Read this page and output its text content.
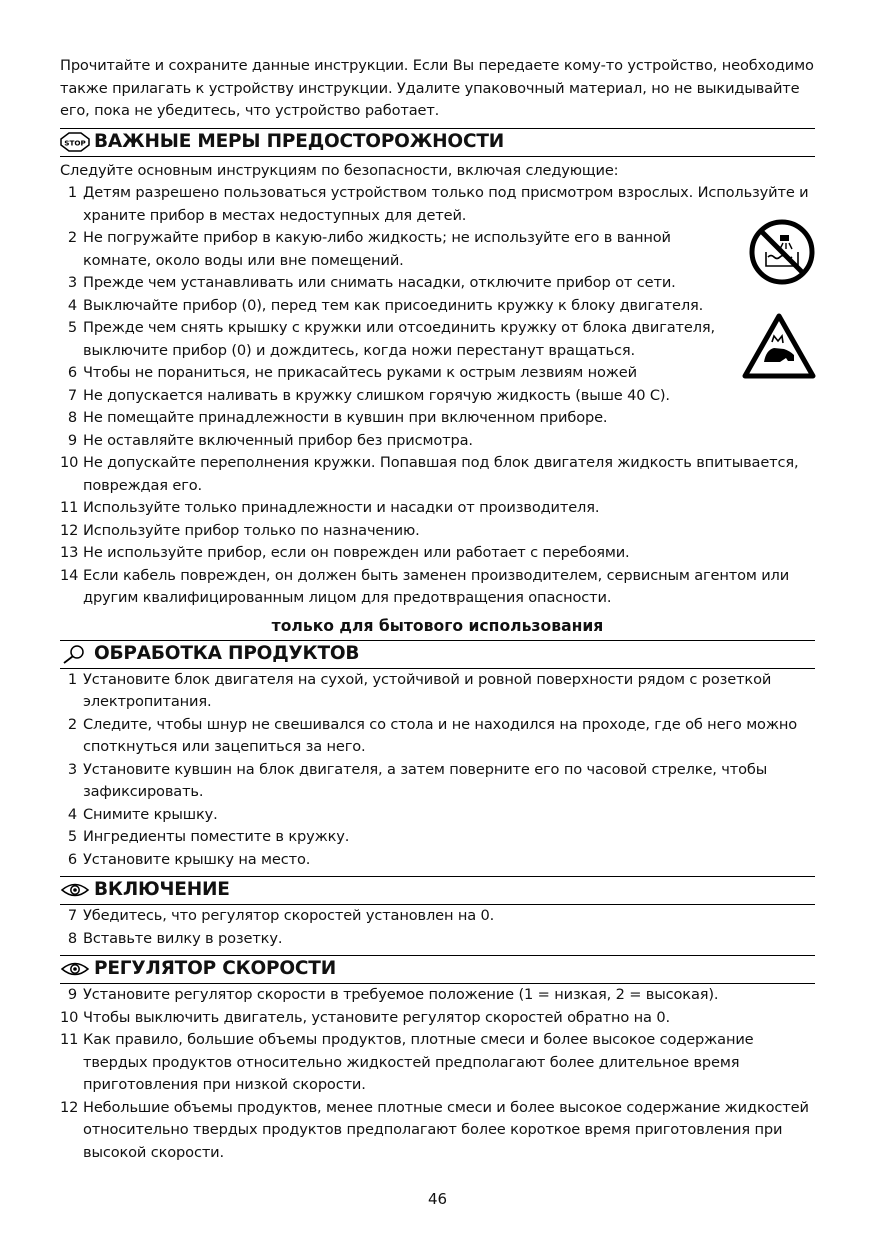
Прочитайте и сохраните данные инструкции. Если Вы передаете кому-то устройство, необходимо также прилагать к устройству инструкции. Удалите упаковочный материал, но не выкидывайте его, пока не убедитесь, что устройство работает.

STOP ВАЖНЫЕ МЕРЫ ПРЕДОСТОРОЖНОСТИ

Следуйте основным инструкциям по безопасности, включая следующие:

1 Детям разрешено пользоваться устройством только под присмотром взрослых. Используйте и храните прибор в местах недоступных для детей.
2 Не погружайте прибор в какую-либо жидкость; не используйте его в ванной комнате, около воды или вне помещений.
3 Прежде чем устанавливать или снимать насадки, отключите прибор от сети.
4 Выключайте прибор (0), перед тем как присоединить кружку к блоку двигателя.
5 Прежде чем снять крышку с кружки или отсоединить кружку от блока двигателя, выключите прибор (0) и дождитесь, когда ножи перестанут вращаться.
6 Чтобы не пораниться, не прикасайтесь руками к острым лезвиям ножей
7 Не допускается наливать в кружку слишком горячую жидкость (выше 40 C).
8 Не помещайте принадлежности в кувшин при включенном приборе.
9 Не оставляйте включенный прибор без присмотра.
10 Не допускайте переполнения кружки. Попавшая под блок двигателя жидкость впитывается, повреждая его.
11 Используйте только принадлежности и насадки от производителя.
12 Используйте прибор только по назначению.
13 Не используйте прибор, если он поврежден или работает с перебоями.
14 Если кабель поврежден, он должен быть заменен производителем, сервисным агентом или другим квалифицированным лицом для предотвращения опасности.

только для бытового использования

ОБРАБОТКА ПРОДУКТОВ
1 Установите блок двигателя на сухой, устойчивой и ровной поверхности рядом с розеткой электропитания.
2 Следите, чтобы шнур не свешивался со стола и не находился на проходе, где об него можно споткнуться или зацепиться за него.
3 Установите кувшин на блок двигателя, а затем поверните его по часовой стрелке, чтобы зафиксировать.
4 Снимите крышку.
5 Ингредиенты поместите в кружку.
6 Установите крышку на место.
ВКЛЮЧЕНИЕ
7 Убедитесь, что регулятор скоростей установлен на 0.
8 Вставьте вилку в розетку.
РЕГУЛЯТОР СКОРОСТИ
9 Установите регулятор скорости в требуемое положение (1 = низкая, 2 = высокая).
10 Чтобы выключить двигатель, установите регулятор скоростей обратно на 0.
11 Как правило, большие объемы продуктов, плотные смеси и более высокое содержание твердых продуктов относительно жидкостей предполагают более длительное время приготовления при низкой скорости.
12 Небольшие объемы продуктов, менее плотные смеси и более высокое содержание жидкостей относительно твердых продуктов предполагают более короткое время приготовления при высокой скорости.
46
